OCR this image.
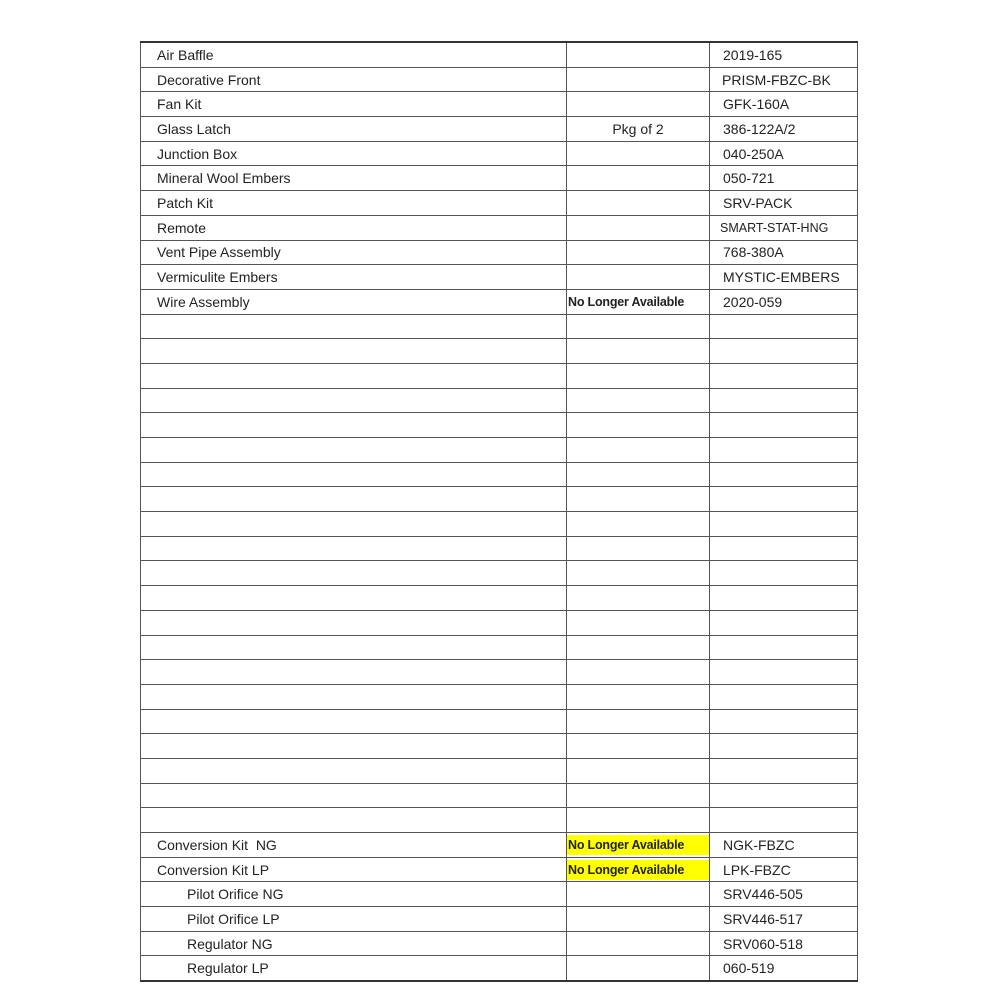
Air Baffle		2019-165
Decorative Front		PRISM-FBZC-BK
Fan Kit		GFK-160A
Glass Latch	Pkg of 2	386-122A/2
Junction Box		040-250A
Mineral Wool Embers		050-721
Patch Kit		SRV-PACK
Remote		SMART-STAT-HNG
Vent Pipe Assembly		768-380A
Vermiculite Embers		MYSTIC-EMBERS
Wire Assembly	No Longer Available	2020-059

Conversion Kit  NG	No Longer Available	NGK-FBZC
Conversion Kit LP	No Longer Available	LPK-FBZC
Pilot Orifice NG		SRV446-505
Pilot Orifice LP		SRV446-517
Regulator NG		SRV060-518
Regulator LP		060-519
